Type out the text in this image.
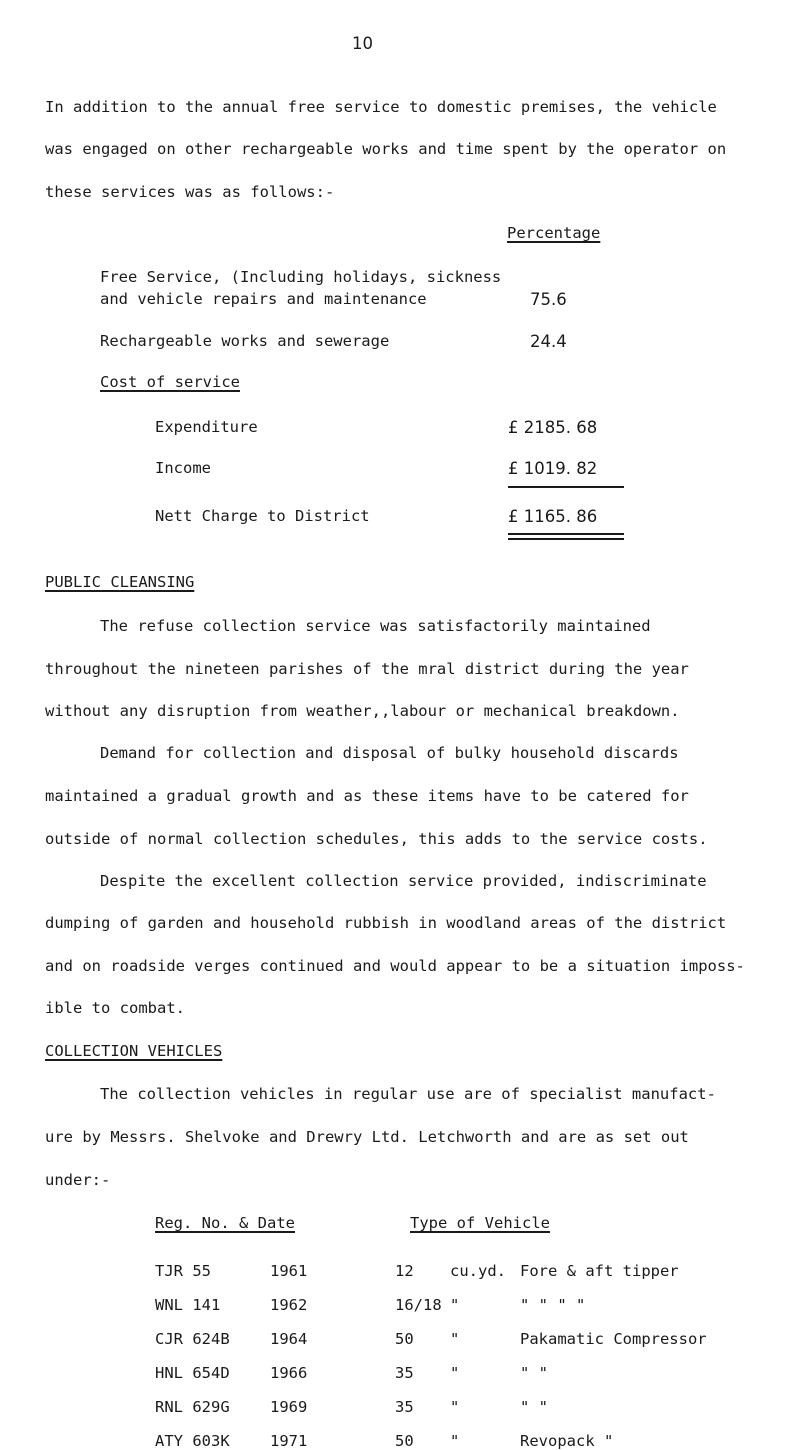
10
In addition to the annual free service to domestic premises, the vehicle
was engaged on other rechargeable works and time spent by the operator on
these services was as follows:-
Percentage
Free Service, (Including holidays, sickness
and vehicle repairs and maintenance	75.6
Rechargeable works and sewerage	24.4
Cost of service
Expenditure	£ 2185. 68
Income	£ 1019. 82
Nett Charge to District	£ 1165. 86
PUBLIC CLEANSING
The refuse collection service was satisfactorily maintained
throughout the nineteen parishes of the mral district during the year
without any disruption from weather,,labour or mechanical breakdown.
Demand for collection and disposal of bulky household discards
maintained a gradual growth and as these items have to be catered for
outside of normal collection schedules, this adds to the service costs.
Despite the excellent collection service provided, indiscriminate
dumping of garden and household rubbish in woodland areas of the district
and on roadside verges continued and would appear to be a situation imposs-
ible to combat.
COLLECTION VEHICLES
The collection vehicles in regular use are of specialist manufact-
ure by Messrs. Shelvoke and Drewry Ltd. Letchworth and are as set out
under:-
Reg. No. & Date	Type of Vehicle
TJR 55	1961	12 cu.yd. Fore & aft tipper
WNL 141	1962	16/18 "	" " " "
CJR 624B	1964	50 "	Pakamatic Compressor
HNL 654D	1966	35 "	" "
RNL 629G	1969	35 "	" "
ATY 603K	1971	50 "	Revopack "
